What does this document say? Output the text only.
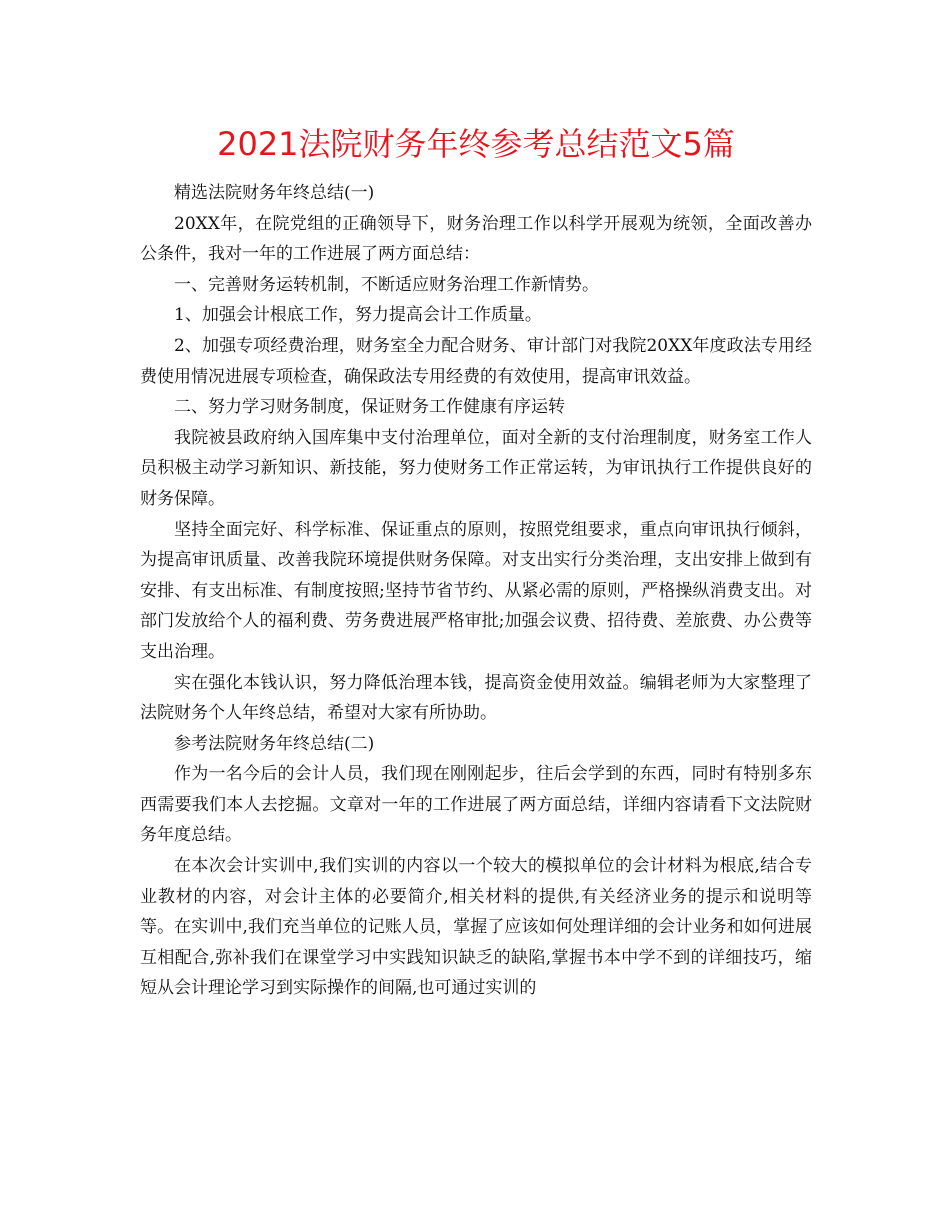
2021法院财务年终参考总结范文5篇

精选法院财务年终总结(一)

20XX年，在院党组的正确领导下，财务治理工作以科学开展观为统领，全面改善办公条件，我对一年的工作进展了两方面总结：

一、完善财务运转机制，不断适应财务治理工作新情势。

1、加强会计根底工作，努力提高会计工作质量。

2、加强专项经费治理，财务室全力配合财务、审计部门对我院20XX年度政法专用经费使用情况进展专项检查，确保政法专用经费的有效使用，提高审讯效益。

二、努力学习财务制度，保证财务工作健康有序运转

我院被县政府纳入国库集中支付治理单位，面对全新的支付治理制度，财务室工作人员积极主动学习新知识、新技能，努力使财务工作正常运转，为审讯执行工作提供良好的财务保障。

坚持全面完好、科学标准、保证重点的原则，按照党组要求，重点向审讯执行倾斜，为提高审讯质量、改善我院环境提供财务保障。对支出实行分类治理，支出安排上做到有安排、有支出标准、有制度按照;坚持节省节约、从紧必需的原则，严格操纵消费支出。对部门发放给个人的福利费、劳务费进展严格审批;加强会议费、招待费、差旅费、办公费等支出治理。

实在强化本钱认识，努力降低治理本钱，提高资金使用效益。编辑老师为大家整理了法院财务个人年终总结，希望对大家有所协助。

参考法院财务年终总结(二)

作为一名今后的会计人员，我们现在刚刚起步，往后会学到的东西，同时有特别多东西需要我们本人去挖掘。文章对一年的工作进展了两方面总结，详细内容请看下文法院财务年度总结。

在本次会计实训中,我们实训的内容以一个较大的模拟单位的会计材料为根底,结合专业教材的内容，对会计主体的必要简介,相关材料的提供,有关经济业务的提示和说明等等。在实训中,我们充当单位的记账人员，掌握了应该如何处理详细的会计业务和如何进展互相配合,弥补我们在课堂学习中实践知识缺乏的缺陷,掌握书本中学不到的详细技巧，缩短从会计理论学习到实际操作的间隔,也可通过实训的
